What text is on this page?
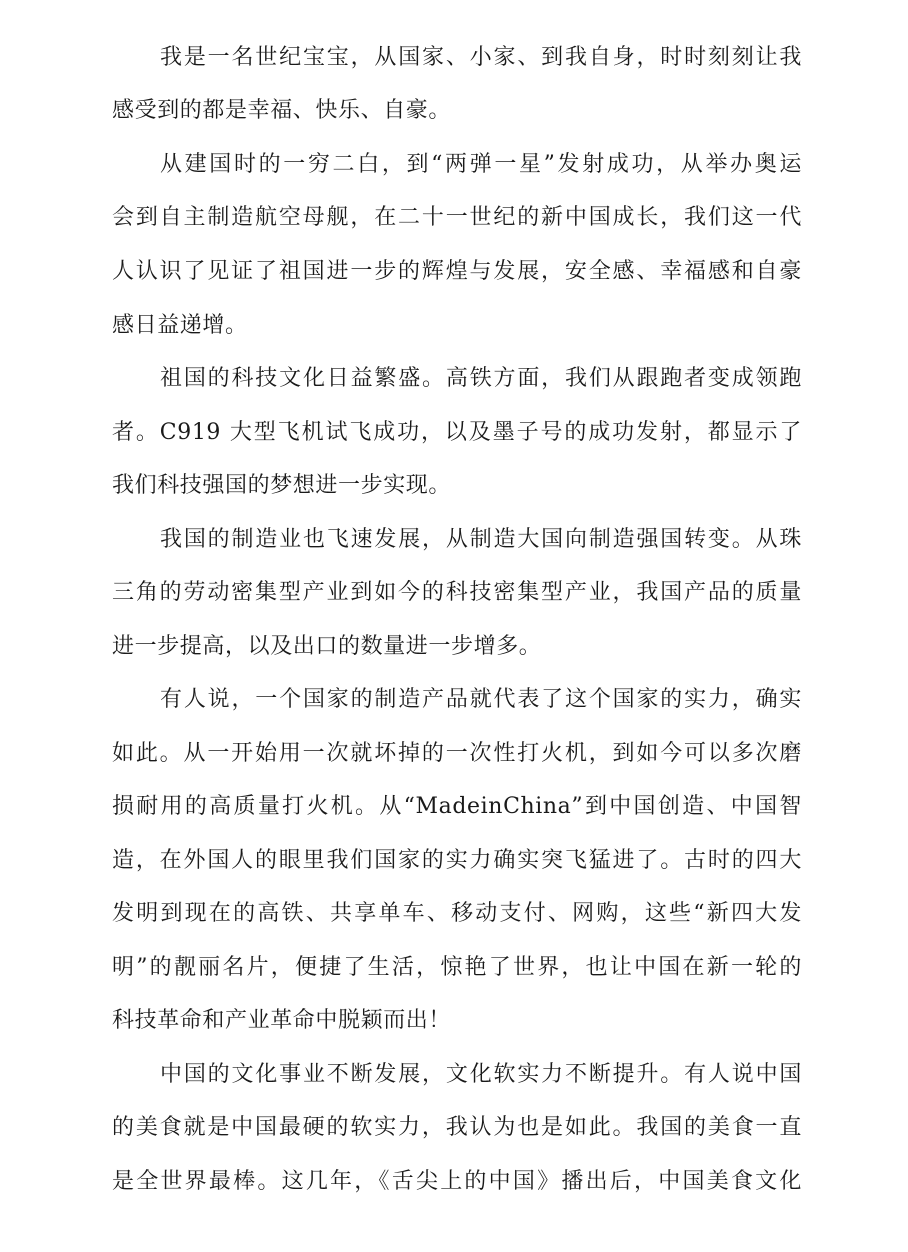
我是一名世纪宝宝，从国家、小家、到我自身，时时刻刻让我
感受到的都是幸福、快乐、自豪。
从建国时的一穷二白，到“两弹一星”发射成功，从举办奥运
会到自主制造航空母舰，在二十一世纪的新中国成长，我们这一代
人认识了见证了祖国进一步的辉煌与发展，安全感、幸福感和自豪
感日益递增。
祖国的科技文化日益繁盛。高铁方面，我们从跟跑者变成领跑
者。C919 大型飞机试飞成功，以及墨子号的成功发射，都显示了
我们科技强国的梦想进一步实现。
我国的制造业也飞速发展，从制造大国向制造强国转变。从珠
三角的劳动密集型产业到如今的科技密集型产业，我国产品的质量
进一步提高，以及出口的数量进一步增多。
有人说，一个国家的制造产品就代表了这个国家的实力，确实
如此。从一开始用一次就坏掉的一次性打火机，到如今可以多次磨
损耐用的高质量打火机。从“MadeinChina”到中国创造、中国智
造，在外国人的眼里我们国家的实力确实突飞猛进了。古时的四大
发明到现在的高铁、共享单车、移动支付、网购，这些“新四大发
明”的靓丽名片，便捷了生活，惊艳了世界，也让中国在新一轮的
科技革命和产业革命中脱颖而出！
中国的文化事业不断发展，文化软实力不断提升。有人说中国
的美食就是中国最硬的软实力，我认为也是如此。我国的美食一直
是全世界最棒。这几年，《舌尖上的中国》播出后，中国美食文化
